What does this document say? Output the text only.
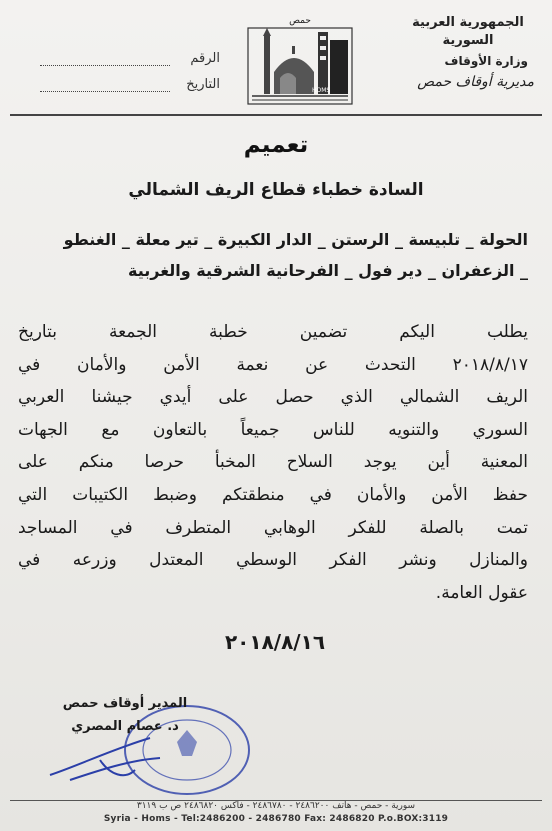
الجمهورية العربية السورية
وزارة الأوقاف
مديرية أوقاف حمص
حمص
HOMS
الرقم
التاريخ
تعميم
السادة خطباء قطاع الريف الشمالي
الحولة _ تلبيسة _ الرستن _ الدار الكبيرة _ تير معلة _ الغنطو
_ الزعفران _ دير فول _ الفرحانية الشرقية والغربية
يطلب اليكم تضمين خطبة الجمعة بتاريخ
٢٠١٨/٨/١٧ التحدث عن نعمة الأمن والأمان في
الريف الشمالي الذي حصل على أيدي جيشنا العربي
السوري والتنويه للناس جميعاً بالتعاون مع الجهات
المعنية أين يوجد السلاح المخبأ حرصا منكم على
حفظ الأمن والأمان في منطقتكم وضبط الكتيبات التي
تمت بالصلة للفكر الوهابي المتطرف في المساجد
والمنازل ونشر الفكر الوسطي المعتدل وزرعه في
عقول العامة.
٢٠١٨/٨/١٦
المدير أوقاف حمص
د. عصام المصري
سورية - حمص - هاتف ٢٤٨٦٢٠٠ - ٢٤٨٦٧٨٠ - فاكس ٢٤٨٦٨٢٠ ص ب ٣١١٩
Syria - Homs - Tel:2486200 - 2486780 Fax: 2486820 P.o.BOX:3119
